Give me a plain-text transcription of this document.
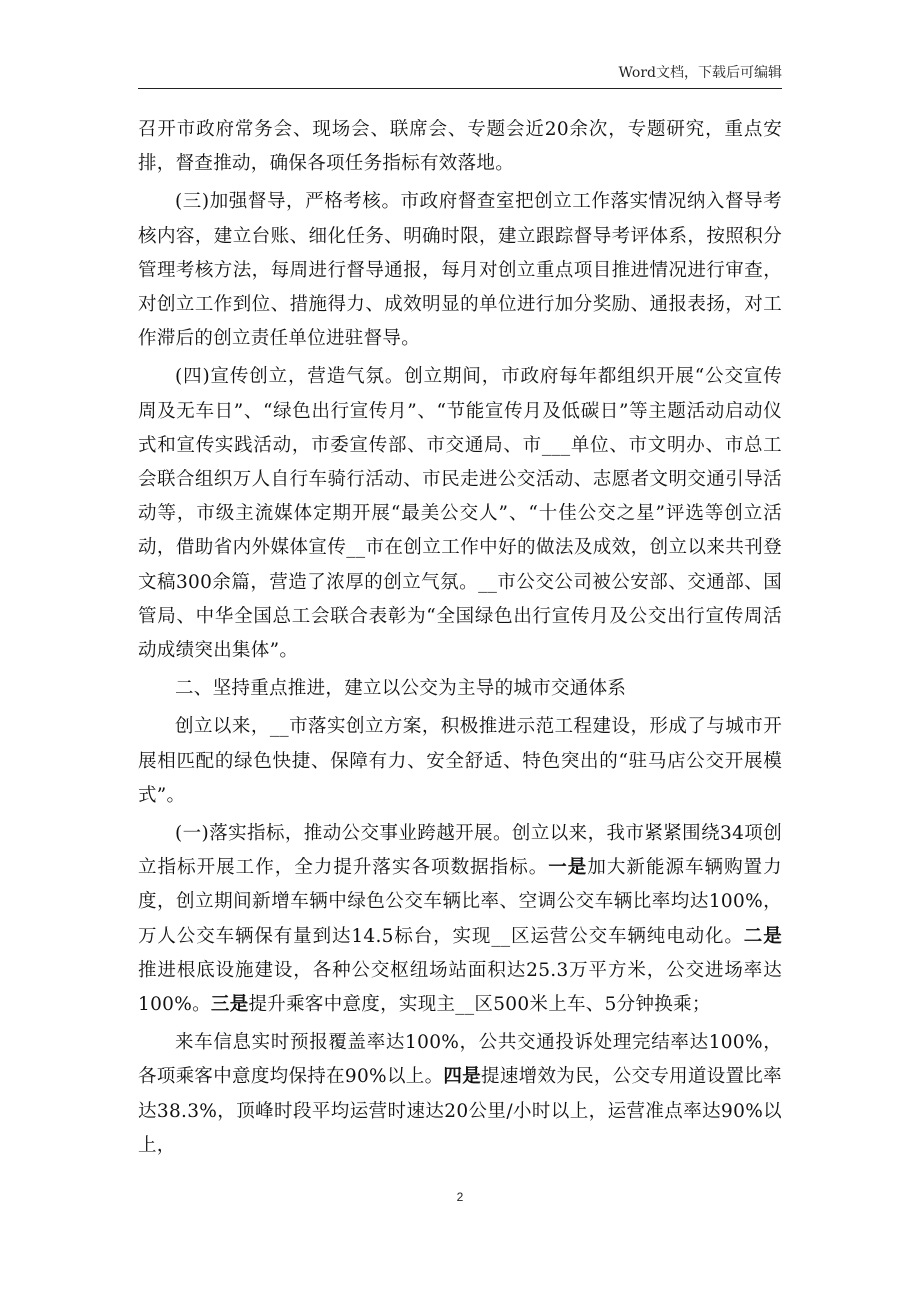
Word文档，下载后可编辑

召开市政府常务会、现场会、联席会、专题会近20余次，专题研究，重点安排，督查推动，确保各项任务指标有效落地。

(三)加强督导，严格考核。市政府督查室把创立工作落实情况纳入督导考核内容，建立台账、细化任务、明确时限，建立跟踪督导考评体系，按照积分管理考核方法，每周进行督导通报，每月对创立重点项目推进情况进行审查，对创立工作到位、措施得力、成效明显的单位进行加分奖励、通报表扬，对工作滞后的创立责任单位进驻督导。

(四)宣传创立，营造气氛。创立期间，市政府每年都组织开展“公交宣传周及无车日”、“绿色出行宣传月”、“节能宣传月及低碳日”等主题活动启动仪式和宣传实践活动，市委宣传部、市交通局、市___单位、市文明办、市总工会联合组织万人自行车骑行活动、市民走进公交活动、志愿者文明交通引导活动等，市级主流媒体定期开展“最美公交人”、“十佳公交之星”评选等创立活动，借助省内外媒体宣传__市在创立工作中好的做法及成效，创立以来共刊登文稿300余篇，营造了浓厚的创立气氛。__市公交公司被公安部、交通部、国管局、中华全国总工会联合表彰为“全国绿色出行宣传月及公交出行宣传周活动成绩突出集体”。

二、坚持重点推进，建立以公交为主导的城市交通体系

创立以来，__市落实创立方案，积极推进示范工程建设，形成了与城市开展相匹配的绿色快捷、保障有力、安全舒适、特色突出的“驻马店公交开展模式”。

(一)落实指标，推动公交事业跨越开展。创立以来，我市紧紧围绕34项创立指标开展工作，全力提升落实各项数据指标。一是加大新能源车辆购置力度，创立期间新增车辆中绿色公交车辆比率、空调公交车辆比率均达100%，万人公交车辆保有量到达14.5标台，实现__区运营公交车辆纯电动化。二是推进根底设施建设，各种公交枢纽场站面积达25.3万平方米，公交进场率达100%。三是提升乘客中意度，实现主__区500米上车、5分钟换乘；

来车信息实时预报覆盖率达100%，公共交通投诉处理完结率达100%，各项乘客中意度均保持在90%以上。四是提速增效为民，公交专用道设置比率达38.3%，顶峰时段平均运营时速达20公里/小时以上，运营准点率达90%以上，

2
